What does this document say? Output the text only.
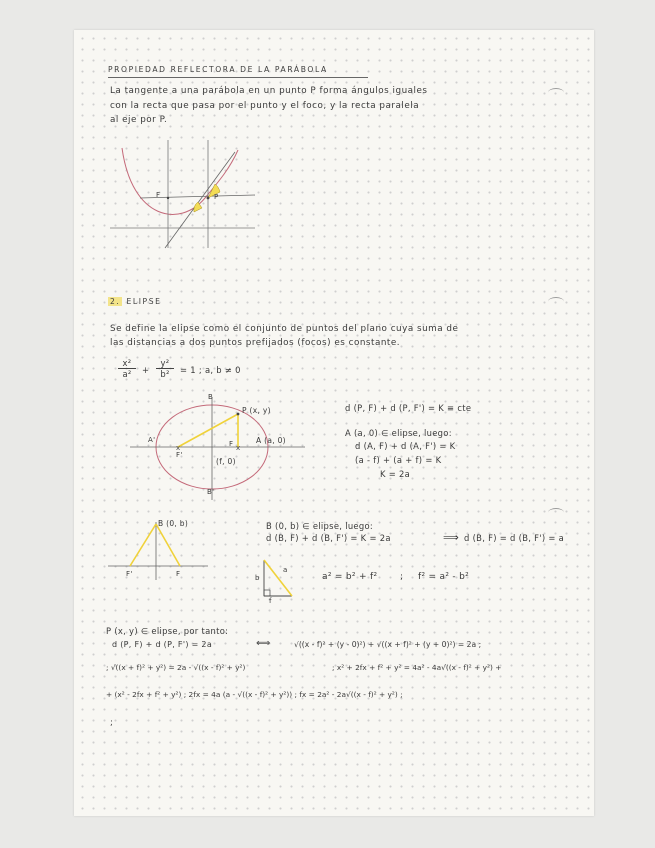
PROPIEDAD REFLECTORA DE LA PARÁBOLA
La tangente a una parábola en un punto P forma ángulos iguales
con la recta que pasa por el punto y el foco, y la recta paralela
al eje por P.
F	P
2. ELIPSE
Se define la elipse como el conjunto de puntos del plano cuya suma de
las distancias a dos puntos prefijados (focos) es constante.
x²
a²	+
y²
b²	= 1 ; a, b ≠ 0
x	x
B
P (x, y)
A'
F'
F	A (a, 0)
(f, 0)
B'
d (P, F) + d (P, F') = K ≡ cte
A (a, 0) ∈ elipse, luego:
d (A, F) + d (A, F') = K
(a - f) + (a + f) = K
K = 2a
B (0, b)
F'	F
B (0, b) ∈ elipse, luego:
d (B, F) + d (B, F') = K = 2a	⟹ d (B, F) = d (B, F') = a
a
b
f
a² = b² + f²	; f² = a² - b²
P (x, y) ∈ elipse, por tanto:
d (P, F) + d (P, F') = 2a	⟺	√((x - f)² + (y - 0)²) + √((x + f)² + (y + 0)²) = 2a ;
; √((x + f)² + y²) = 2a - √((x - f)² + y²)	; x² + 2fx + f² + y² = 4a² - 4a√((x - f)² + y²) +
+ (x² - 2fx + f² + y²) ; 2fx = 4a (a - √((x - f)² + y²)) ; fx = 2a² - 2a√((x - f)² + y²) ;
;
